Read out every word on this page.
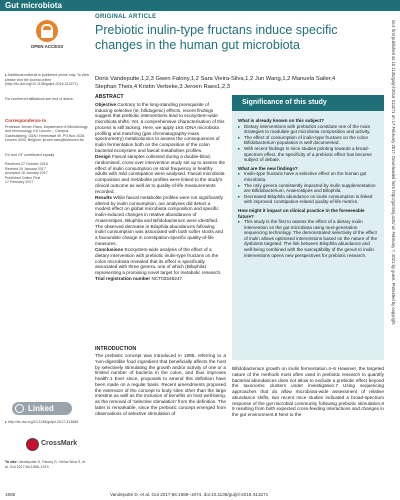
Gut microbiota
OPEN ACCESS
▸ Additional material is published online only. To view please visit the journal online (http://dx.doi.org/10.1136/gutjnl-2016-313271).
For numbered affiliations see end of article.
Correspondence to
Professor Jeroen Raes, Department of Microbiology and Immunology, KU Leuven – Campus Gasthuisberg, O&N I Herestraat 49, PO Box 1028, Leuven 3000, Belgium; jeroen.raes@kuleuven.be
DV and GF contributed equally.
Received 27 October 2016
Revised 10 January 2017
Accepted 16 January 2017
Published Online First
17 February 2017
Linked
▸ http://dx.doi.org/10.1136/gutjnl-2017-313865
CrossMark
To cite: Vandeputte D, Falony G, Vieira-Silva S, et al. Gut 2017;66:1968–1974.
ORIGINAL ARTICLE
Prebiotic inulin-type fructans induce specific changes in the human gut microbiota
Doris Vandeputte,1,2,3 Gwen Falony,1,2 Sara Vieira-Silva,1,2 Jun Wang,1,2 Manuela Sailer,4 Stephan Theis,4 Kristin Verbeke,3 Jeroen Raes1,2,3
ABSTRACT

Objective Contrary to the long-standing prerequisite of inducing selective (ie, bifidogenic) effects, recent findings suggest that prebiotic interventions lead to ecosystem-wide microbiota shifts. Yet, a comprehensive characterisation of this process is still lacking. Here, we apply 16S rDNA microbiota profiling and matching (gas chromatography-mass spectrometry) metabolomics to assess the consequences of inulin fermentation both on the composition of the colon bacterial ecosystem and faecal metabolites profiles.

Design Faecal samples collected during a double-blind, randomised, cross-over intervention study set up to assess the effect of inulin consumption on stool frequency in healthy adults with mild constipation were analysed. Faecal microbiota composition and metabolite profiles were linked to the study's clinical outcome as well as to quality-of-life measurements recorded.

Results While faecal metabolite profiles were not significantly altered by inulin consumption, our analyses did detect a modest effect on global microbiota composition and specific inulin-induced changes in relative abundances of Anaerostipes, Bilophila and Bifidobacterium were identified. The observed decrease in Bilophila abundances following inulin consumption was associated with both softer stools and a favourable change in constipation-specific quality-of-life measures.

Conclusions Ecosystem-wide analysis of the effect of a dietary intervention with prebiotic inulin-type fructans on the colon microbiota revealed that its effect is specifically associated with three genera, one of which (Bilophila) representing a promising novel target for metabolic research.

Trial registration number NCT02548247.

INTRODUCTION
The prebiotic concept was introduced in 1995, referring to a 'non-digestible food ingredient that beneficially affects the host by selectively stimulating the growth and/or activity of one or a limited number of bacteria in the colon, and thus improves health'.1 Ever since, proposals to amend this definition have been made on a regular basis. Recent amendments proposed the extension of the concept to body sites other than the large intestine as well as the inclusion of benefits on host well-being, as the removal of 'selective stimulation' from the definition. The latter is remarkable, since the prebiotic concept emerged from observations of selective stimulation of
Significance of this study
What is already known on this subject?
▸ Dietary interventions with prebiotics constitute one of the main strategies to modulate gut microbiota composition and activity.
▸ The effect of consumption of inulin-type fructans on the colon Bifidobacterium population is well documented.
▸ With recent findings in mice studies pointing towards a broad-spectrum effect, the specificity of a prebiotic effect has become subject of debate.
What are the new findings?
▸ Inulin-type fructans have a selective effect on the human gut microbiota.
▸ The only genera consistently impacted by inulin supplementation are Bifidobacterium, Anaerostipes and Bilophila.
▸ Decreased Bilophila abundance on inulin consumption is linked with improved constipation-related quality-of-life metrics.
How might it impact on clinical practice in the foreseeable future?
▸ This study is the first to assess the effect of a dietary inulin intervention on the gut microbiota using next-generation sequencing technology. The demonstrated selectivity of the effect of inulin allows optimised interventions based on the nature of the dysbiosis targeted. The link between Bilophila abundance and well-being combined with the susceptibility of the genus to inulin interventions opens new perspectives for prebiotic research.
Bifidobacterium growth on inulin fermentation.4–6 However, the targeted nature of the methods most often used in prebiotic research to quantify bacterial abundances does not allow to exclude a prebiotic effect beyond the taxonomic clusters under investigation.7 Using sequencing approaches that do allow microbiota-wide assessment of relative abundance shifts, two recent mice studies indicated a broad-spectrum response of the gut microbial community following prebiotic stimulation,8 9 resulting from both expected cross-feeding interactions and changes in the gut environment.8 Next to the
Gut: first published as 10.1136/gutjnl-2016-313271 on 17 February 2017. Downloaded from http://gut.bmj.com/ on February 7, 2021 by guest. Protected by copyright.
1968	Vandeputte D, et al. Gut 2017;66:1968–1974. doi:10.1136/gutjnl-2016-313271
